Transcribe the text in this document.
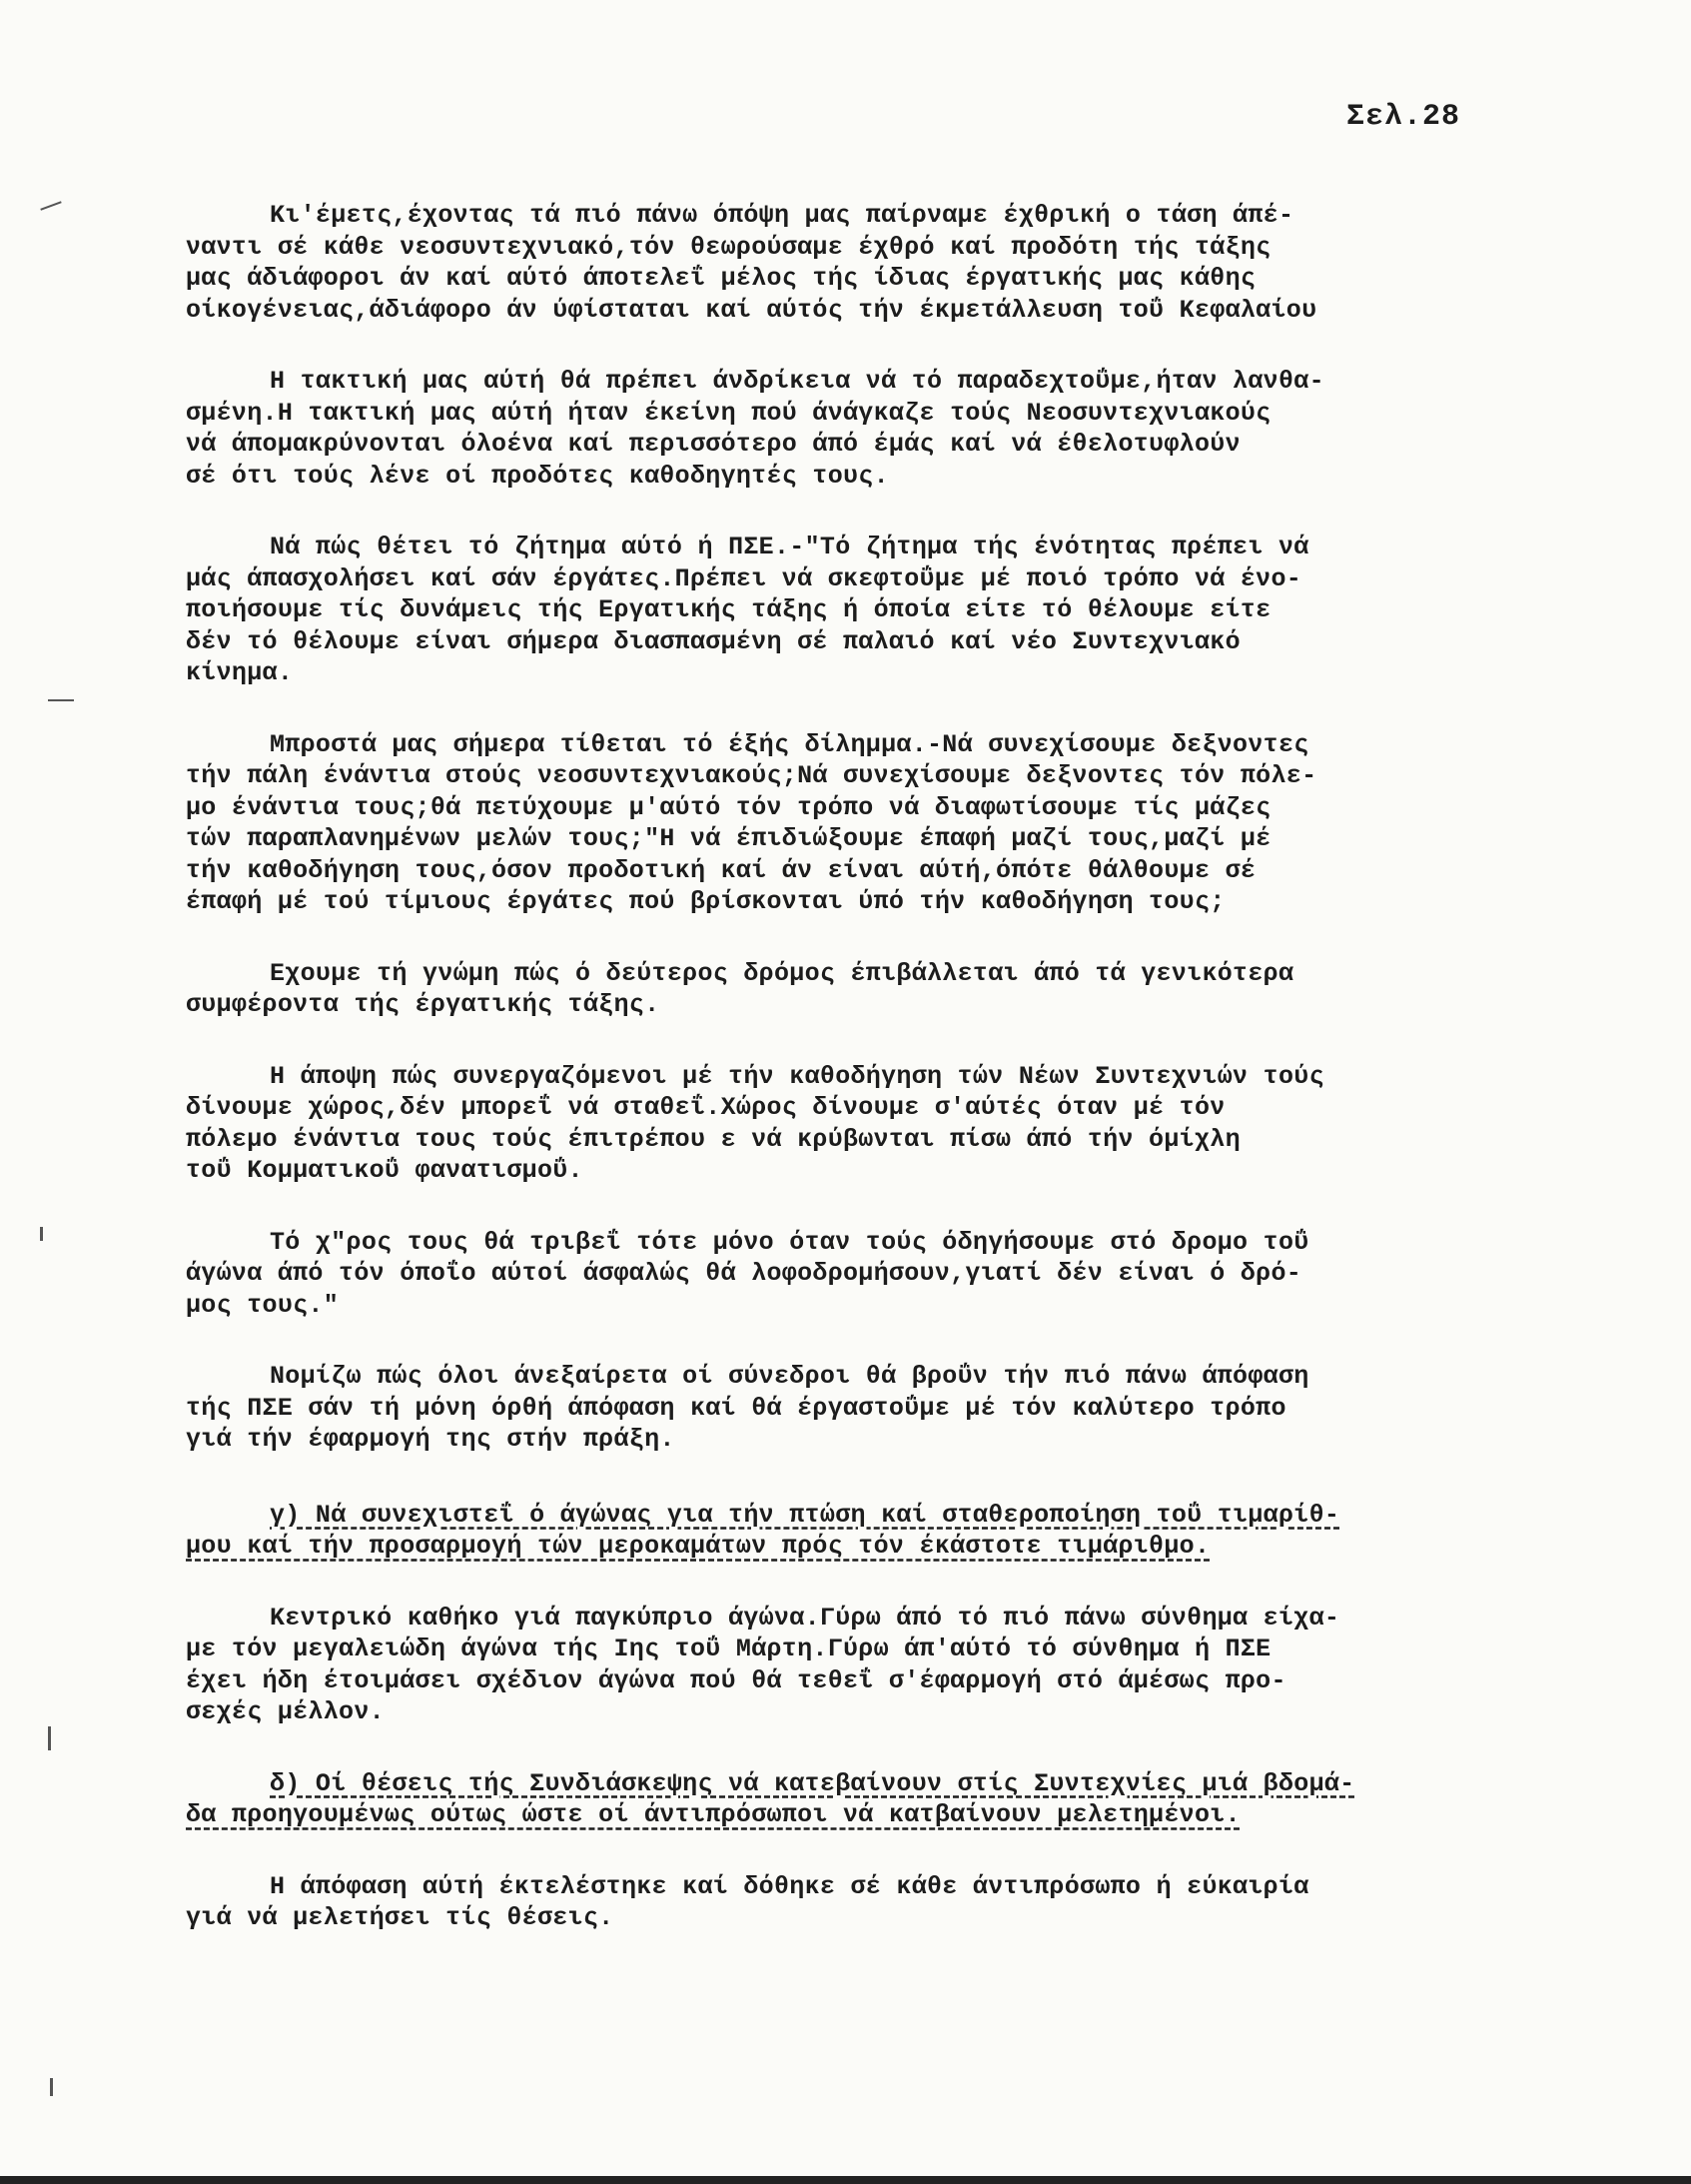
Σελ.28
Κι'έμετς,έχοντας τά πιό πάνω όπόψη μας παίρναμε έχθρική ο τάση άπέ-
ναντι σέ κάθε νεοσυντεχνιακό,τόν θεωρούσαμε έχθρό καί προδότη τής τάξης
μας άδιάφοροι άν καί αύτό άποτελεΐ μέλος τής ίδιας έργατικής μας κάθης
οίκογένειας,άδιάφορο άν ύφίσταται καί αύτός τήν έκμετάλλευση τοΰ Κεφαλαίου
Η τακτική μας αύτή θά πρέπει άνδρίκεια νά τό παραδεχτοΰμε,ήταν λανθα-
σμένη.Η τακτική μας αύτή ήταν έκείνη πού άνάγκαζε τούς Νεοσυντεχνιακούς
νά άπομακρύνονται όλοένα καί περισσότερο άπό έμάς καί νά έθελοτυφλούν
σέ ότι τούς λένε οί προδότες καθοδηγητές τους.
Νά πώς θέτει τό ζήτημα αύτό ή ΠΣΕ.-"Τό ζήτημα τής ένότητας πρέπει νά
μάς άπασχολήσει καί σάν έργάτες.Πρέπει νά σκεφτοΰμε μέ ποιό τρόπο νά ένο-
ποιήσουμε τίς δυνάμεις τής Εργατικής τάξης ή όποία είτε τό θέλουμε είτε
δέν τό θέλουμε είναι σήμερα διασπασμένη σέ παλαιό καί νέο Συντεχνιακό
κίνημα.
Μπροστά μας σήμερα τίθεται τό έξής δίλημμα.-Νά συνεχίσουμε δεξνοντες
τήν πάλη ένάντια στούς νεοσυντεχνιακούς;Νά συνεχίσουμε δεξνοντες τόν πόλε-
μο ένάντια τους;θά πετύχουμε μ'αύτό τόν τρόπο νά διαφωτίσουμε τίς μάζες
τών παραπλανημένων μελών τους;"Η νά έπιδιώξουμε έπαφή μαζί τους,μαζί μέ
τήν καθοδήγηση τους,όσον προδοτική καί άν είναι αύτή,όπότε θάλθουμε σέ
έπαφή μέ τού τίμιους έργάτες πού βρίσκονται ύπό τήν καθοδήγηση τους;
Εχουμε τή γνώμη πώς ό δεύτερος δρόμος έπιβάλλεται άπό τά γενικότερα
συμφέροντα τής έργατικής τάξης.
Η άποψη πώς συνεργαζόμενοι μέ τήν καθοδήγηση τών Νέων Συντεχνιών τούς
δίνουμε χώρος,δέν μπορεΐ νά σταθεΐ.Χώρος δίνουμε σ'αύτές όταν μέ τόν
πόλεμο ένάντια τους τούς έπιτρέπου ε νά κρύβωνται πίσω άπό τήν όμίχλη
τοΰ Κομματικοΰ φανατισμοΰ.
Τό χ"ρος τους θά τριβεΐ τότε μόνο όταν τούς όδηγήσουμε στό δρομο τοΰ
άγώνα άπό τόν όποΐο αύτοί άσφαλώς θά λοφοδρομήσουν,γιατί δέν είναι ό δρό-
μος τους."
Νομίζω πώς όλοι άνεξαίρετα οί σύνεδροι θά βροΰν τήν πιό πάνω άπόφαση
τής ΠΣΕ σάν τή μόνη όρθή άπόφαση καί θά έργαστοΰμε μέ τόν καλύτερο τρόπο
γιά τήν έφαρμογή της στήν πράξη.
γ) Νά συνεχιστεΐ ό άγώνας για τήν πτώση καί σταθεροποίηση τοΰ τιμαρίθ-
μου καί τήν προσαρμογή τών μεροκαμάτων πρός τόν έκάστοτε τιμάριθμο.
Κεντρικό καθήκο γιά παγκύπριο άγώνα.Γύρω άπό τό πιό πάνω σύνθημα είχα-
με τόν μεγαλειώδη άγώνα τής Ιης τοΰ Μάρτη.Γύρω άπ'αύτό τό σύνθημα ή ΠΣΕ
έχει ήδη έτοιμάσει σχέδιον άγώνα πού θά τεθεΐ σ'έφαρμογή στό άμέσως προ-
σεχές μέλλον.
δ) Οί θέσεις τής Συνδιάσκεψης νά κατεβαίνουν στίς Συντεχνίες μιά βδομά-
δα προηγουμένως ούτως ώστε οί άντιπρόσωποι νά κατβαίνουν μελετημένοι.
Η άπόφαση αύτή έκτελέστηκε καί δόθηκε σέ κάθε άντιπρόσωπο ή εύκαιρία
γιά νά μελετήσει τίς θέσεις.
